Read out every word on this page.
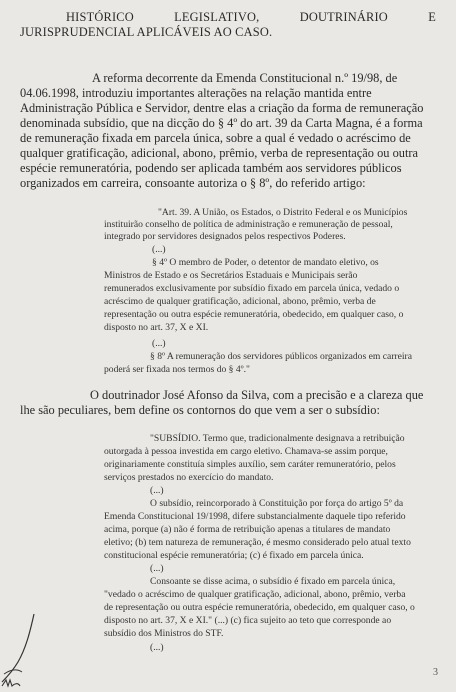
HISTÓRICO	LEGISLATIVO,	DOUTRINÁRIO	E
JURISPRUDENCIAL APLICÁVEIS AO CASO.
A reforma decorrente da Emenda Constitucional n.º 19/98, de
04.06.1998, introduziu importantes alterações na relação mantida entre
Administração Pública e Servidor, dentre elas a criação da forma de remuneração
denominada subsídio, que na dicção do § 4º do art. 39 da Carta Magna, é a forma
de remuneração fixada em parcela única, sobre a qual é vedado o acréscimo de
qualquer gratificação, adicional, abono, prêmio, verba de representação ou outra
espécie remuneratória, podendo ser aplicada também aos servidores públicos
organizados em carreira, consoante autoriza o § 8º, do referido artigo:
"Art. 39. A União, os Estados, o Distrito Federal e os Municípios
instituirão conselho de política de administração e remuneração de pessoal,
integrado por servidores designados pelos respectivos Poderes.
(...)
§ 4º O membro de Poder, o detentor de mandato eletivo, os
Ministros de Estado e os Secretários Estaduais e Municipais serão
remunerados exclusivamente por subsídio fixado em parcela única, vedado o
acréscimo de qualquer gratificação, adicional, abono, prêmio, verba de
representação ou outra espécie remuneratória, obedecido, em qualquer caso, o
disposto no art. 37, X e XI.
(...)
§ 8º A remuneração dos servidores públicos organizados em carreira
poderá ser fixada nos termos do § 4º."
O doutrinador José Afonso da Silva, com a precisão e a clareza que
lhe são peculiares, bem define os contornos do que vem a ser o subsídio:
"SUBSÍDIO. Termo que, tradicionalmente designava a retribuição
outorgada à pessoa investida em cargo eletivo. Chamava-se assim porque,
originariamente constituía simples auxílio, sem caráter remuneratório, pelos
serviços prestados no exercício do mandato.
(...)
O subsídio, reincorporado à Constituição por força do artigo 5º da
Emenda Constitucional 19/1998, difere substancialmente daquele tipo referido
acima, porque (a) não é forma de retribuição apenas a titulares de mandato
eletivo; (b) tem natureza de remuneração, é mesmo considerado pelo atual texto
constitucional espécie remuneratória; (c) é fixado em parcela única.
(...)
Consoante se disse acima, o subsídio é fixado em parcela única,
"vedado o acréscimo de qualquer gratificação, adicional, abono, prêmio, verba
de representação ou outra espécie remuneratória, obedecido, em qualquer caso, o
disposto no art. 37, X e XI." (...) (c) fica sujeito ao teto que corresponde ao
subsídio dos Ministros do STF.
(...)
3
